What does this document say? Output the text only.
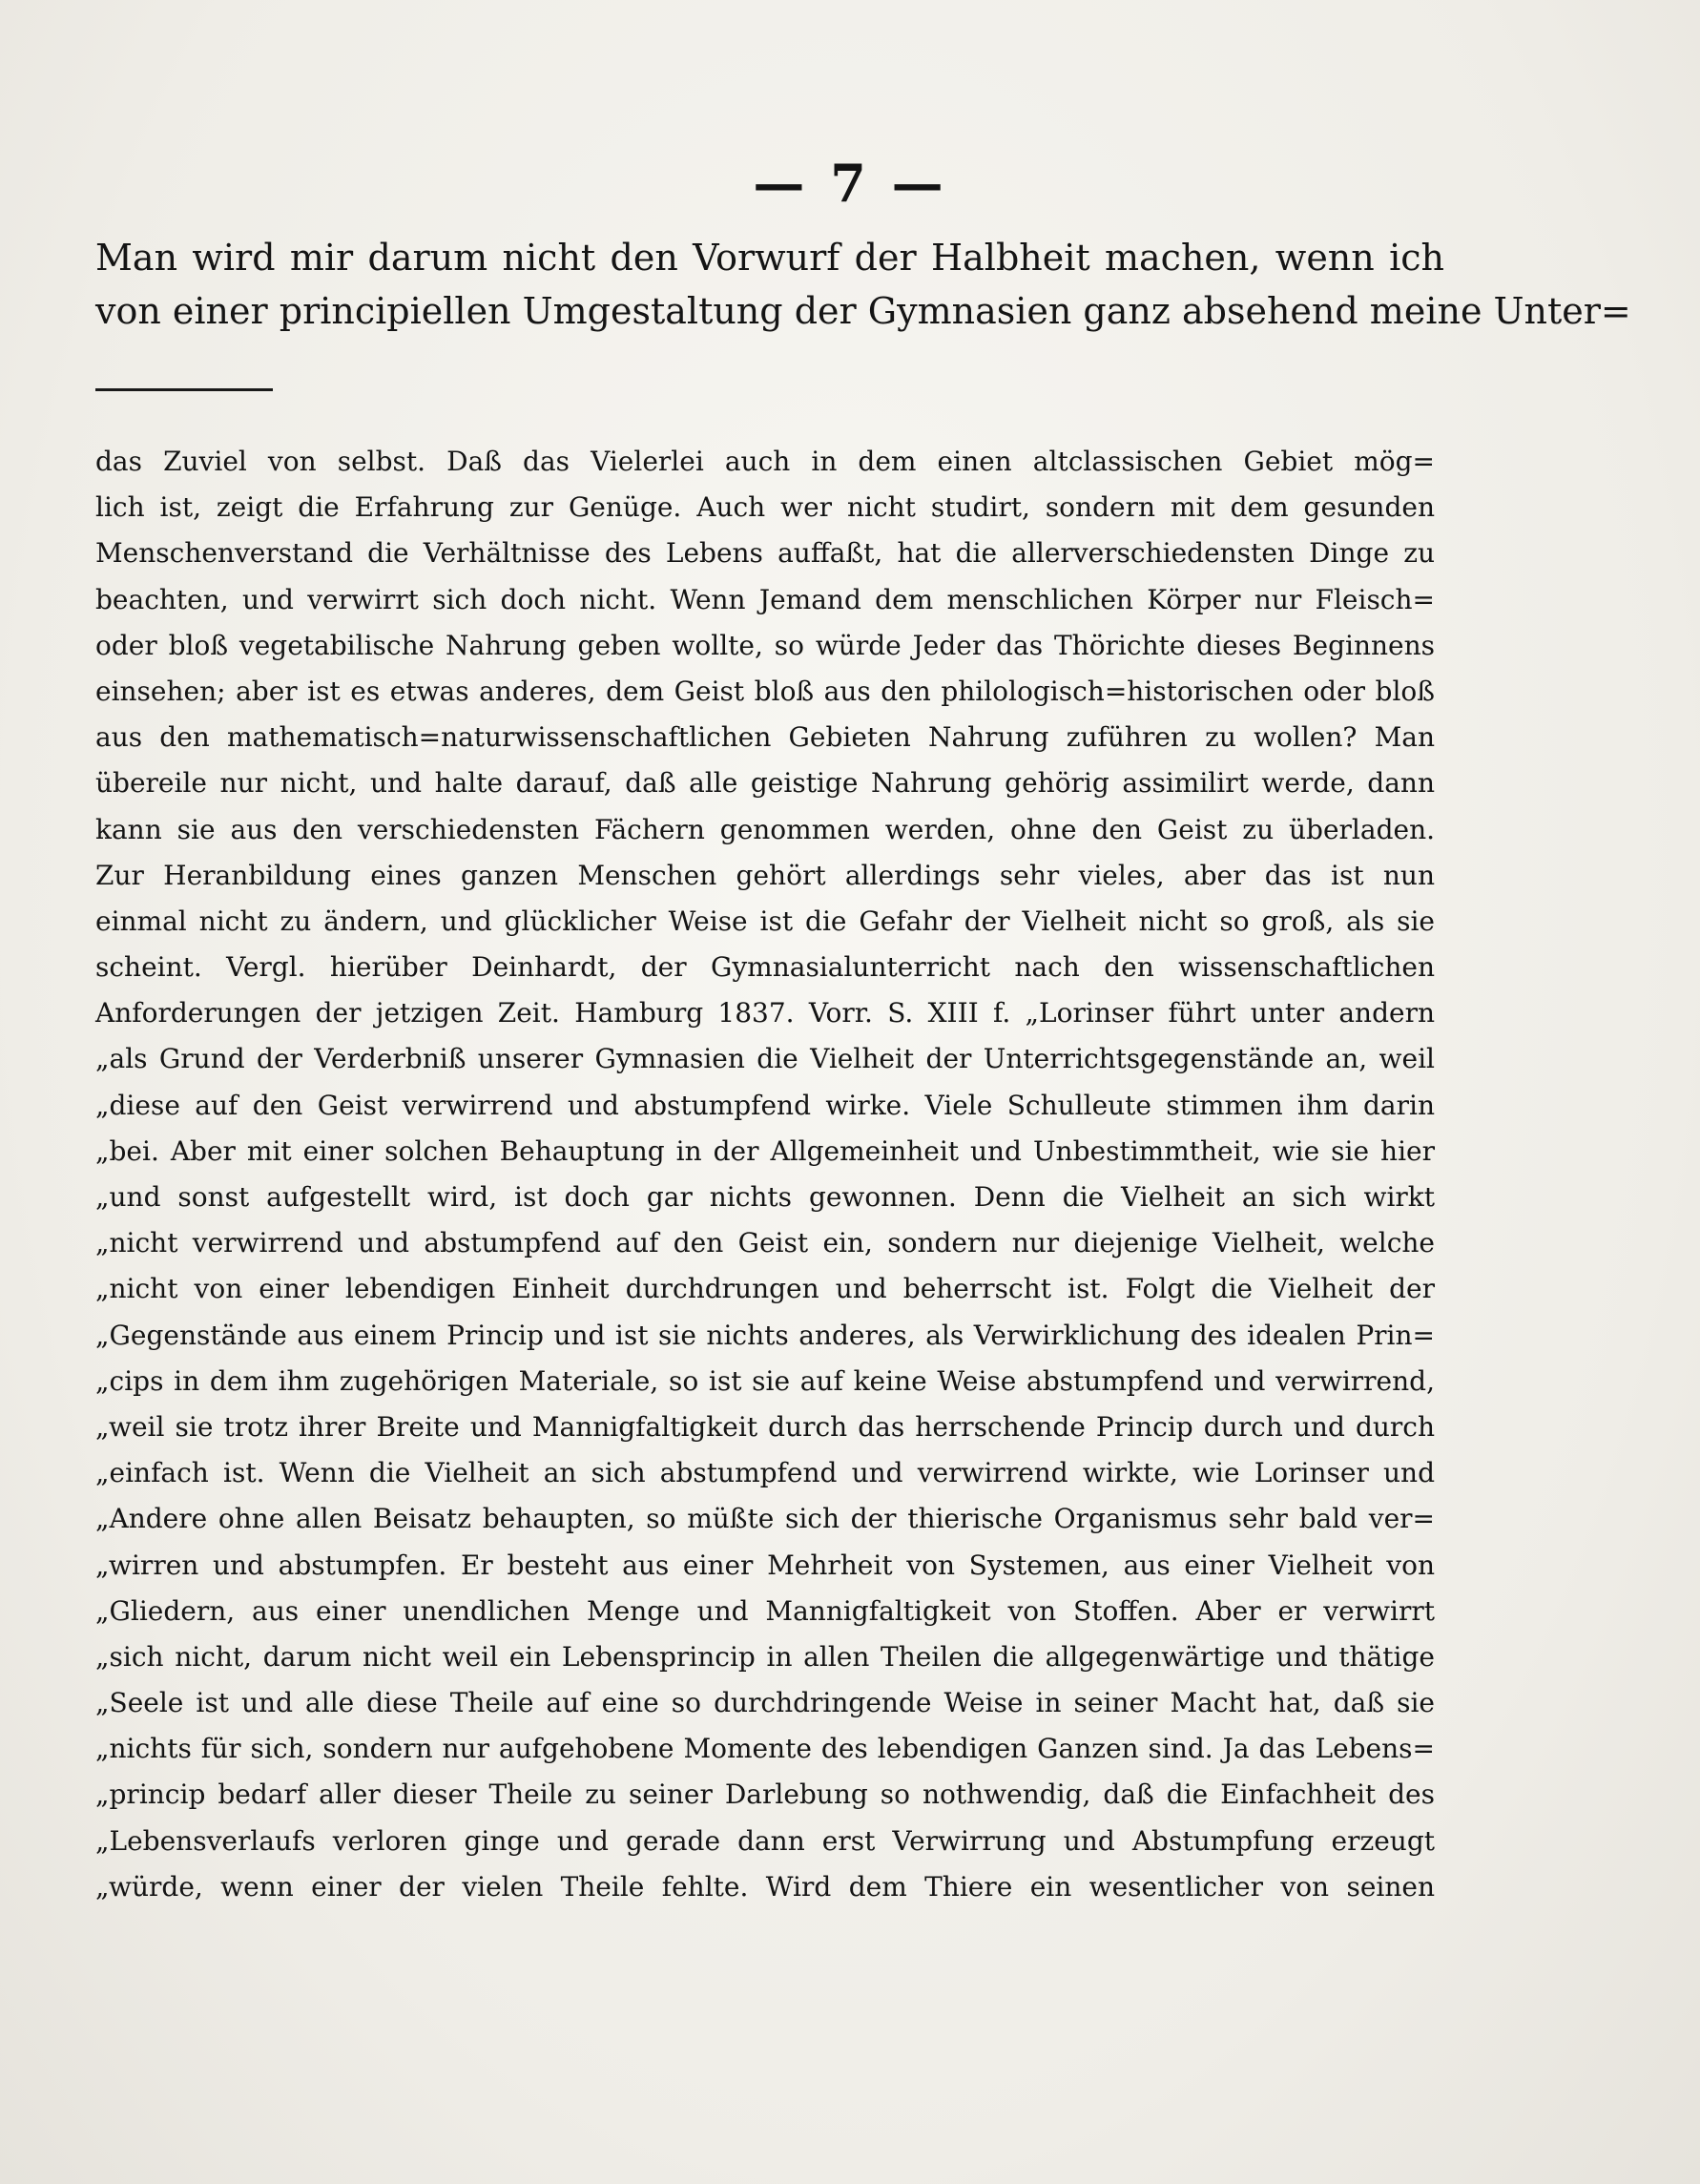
— 7 —
Man wird mir darum nicht den Vorwurf der Halbheit machen, wenn ich
von einer principiellen Umgestaltung der Gymnasien ganz absehend meine Unter=
das Zuviel von selbst. Daß das Vielerlei auch in dem einen altclassischen Gebiet mög=
lich ist, zeigt die Erfahrung zur Genüge. Auch wer nicht studirt, sondern mit dem gesunden
Menschenverstand die Verhältnisse des Lebens auffaßt, hat die allerverschiedensten Dinge zu
beachten, und verwirrt sich doch nicht. Wenn Jemand dem menschlichen Körper nur Fleisch=
oder bloß vegetabilische Nahrung geben wollte, so würde Jeder das Thörichte dieses Beginnens
einsehen; aber ist es etwas anderes, dem Geist bloß aus den philologisch=historischen oder bloß
aus den mathematisch=naturwissenschaftlichen Gebieten Nahrung zuführen zu wollen? Man
übereile nur nicht, und halte darauf, daß alle geistige Nahrung gehörig assimilirt werde, dann
kann sie aus den verschiedensten Fächern genommen werden, ohne den Geist zu überladen.
Zur Heranbildung eines ganzen Menschen gehört allerdings sehr vieles, aber das ist nun
einmal nicht zu ändern, und glücklicher Weise ist die Gefahr der Vielheit nicht so groß, als sie
scheint. Vergl. hierüber Deinhardt, der Gymnasialunterricht nach den wissenschaftlichen
Anforderungen der jetzigen Zeit. Hamburg 1837. Vorr. S. XIII f. „Lorinser führt unter andern
„als Grund der Verderbniß unserer Gymnasien die Vielheit der Unterrichtsgegenstände an, weil
„diese auf den Geist verwirrend und abstumpfend wirke. Viele Schulleute stimmen ihm darin
„bei. Aber mit einer solchen Behauptung in der Allgemeinheit und Unbestimmtheit, wie sie hier
„und sonst aufgestellt wird, ist doch gar nichts gewonnen. Denn die Vielheit an sich wirkt
„nicht verwirrend und abstumpfend auf den Geist ein, sondern nur diejenige Vielheit, welche
„nicht von einer lebendigen Einheit durchdrungen und beherrscht ist. Folgt die Vielheit der
„Gegenstände aus einem Princip und ist sie nichts anderes, als Verwirklichung des idealen Prin=
„cips in dem ihm zugehörigen Materiale, so ist sie auf keine Weise abstumpfend und verwirrend,
„weil sie trotz ihrer Breite und Mannigfaltigkeit durch das herrschende Princip durch und durch
„einfach ist. Wenn die Vielheit an sich abstumpfend und verwirrend wirkte, wie Lorinser und
„Andere ohne allen Beisatz behaupten, so müßte sich der thierische Organismus sehr bald ver=
„wirren und abstumpfen. Er besteht aus einer Mehrheit von Systemen, aus einer Vielheit von
„Gliedern, aus einer unendlichen Menge und Mannigfaltigkeit von Stoffen. Aber er verwirrt
„sich nicht, darum nicht weil ein Lebensprincip in allen Theilen die allgegenwärtige und thätige
„Seele ist und alle diese Theile auf eine so durchdringende Weise in seiner Macht hat, daß sie
„nichts für sich, sondern nur aufgehobene Momente des lebendigen Ganzen sind. Ja das Lebens=
„princip bedarf aller dieser Theile zu seiner Darlebung so nothwendig, daß die Einfachheit des
„Lebensverlaufs verloren ginge und gerade dann erst Verwirrung und Abstumpfung erzeugt
„würde, wenn einer der vielen Theile fehlte. Wird dem Thiere ein wesentlicher von seinen
